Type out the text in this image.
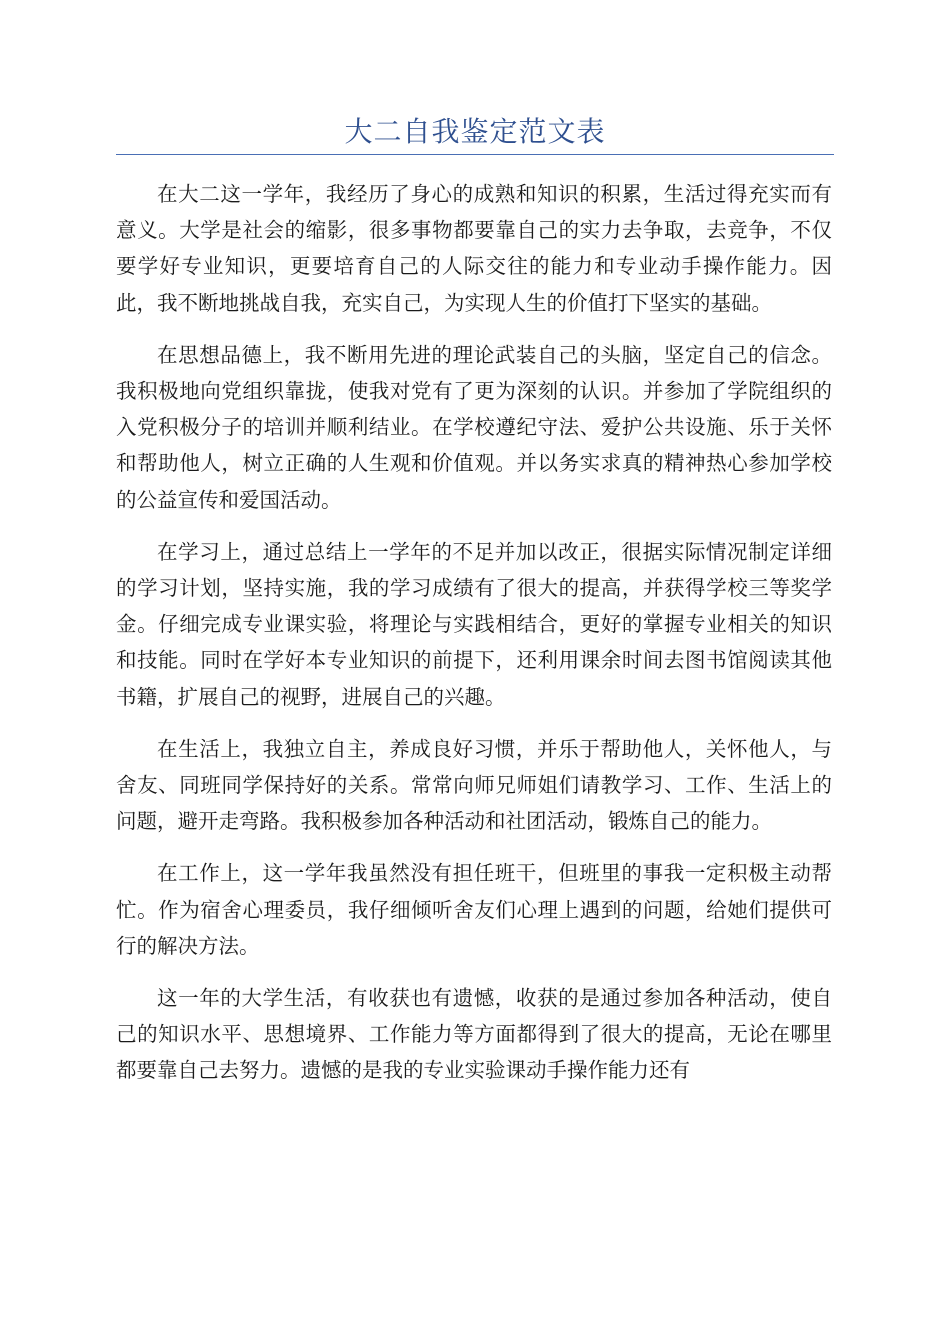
大二自我鉴定范文表

在大二这一学年，我经历了身心的成熟和知识的积累，生活过得充实而有意义。大学是社会的缩影，很多事物都要靠自己的实力去争取，去竞争，不仅要学好专业知识，更要培育自己的人际交往的能力和专业动手操作能力。因此，我不断地挑战自我，充实自己，为实现人生的价值打下坚实的基础。

在思想品德上，我不断用先进的理论武装自己的头脑，坚定自己的信念。我积极地向党组织靠拢，使我对党有了更为深刻的认识。并参加了学院组织的入党积极分子的培训并顺利结业。在学校遵纪守法、爱护公共设施、乐于关怀和帮助他人，树立正确的人生观和价值观。并以务实求真的精神热心参加学校的公益宣传和爱国活动。

在学习上，通过总结上一学年的不足并加以改正，很据实际情况制定详细的学习计划，坚持实施，我的学习成绩有了很大的提高，并获得学校三等奖学金。仔细完成专业课实验，将理论与实践相结合，更好的掌握专业相关的知识和技能。同时在学好本专业知识的前提下，还利用课余时间去图书馆阅读其他书籍，扩展自己的视野，进展自己的兴趣。

在生活上，我独立自主，养成良好习惯，并乐于帮助他人，关怀他人，与舍友、同班同学保持好的关系。常常向师兄师姐们请教学习、工作、生活上的问题，避开走弯路。我积极参加各种活动和社团活动，锻炼自己的能力。

在工作上，这一学年我虽然没有担任班干，但班里的事我一定积极主动帮忙。作为宿舍心理委员，我仔细倾听舍友们心理上遇到的问题，给她们提供可行的解决方法。

这一年的大学生活，有收获也有遗憾，收获的是通过参加各种活动，使自己的知识水平、思想境界、工作能力等方面都得到了很大的提高，无论在哪里都要靠自己去努力。遗憾的是我的专业实验课动手操作能力还有
